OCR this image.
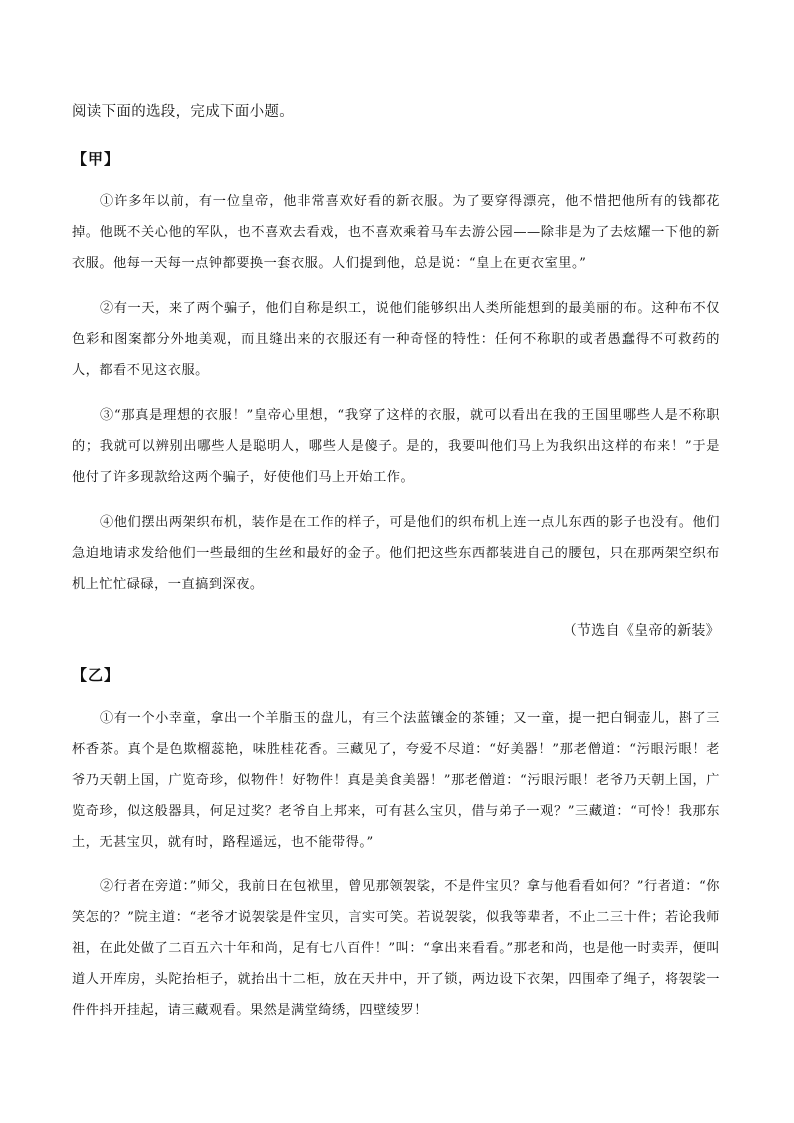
阅读下面的选段，完成下面小题。
【甲】

①许多年以前，有一位皇帝，他非常喜欢好看的新衣服。为了要穿得漂亮，他不惜把他所有的钱都花掉。他既不关心他的军队，也不喜欢去看戏，也不喜欢乘着马车去游公园——除非是为了去炫耀一下他的新衣服。他每一天每一点钟都要换一套衣服。人们提到他，总是说：“皇上在更衣室里。”

②有一天，来了两个骗子，他们自称是织工，说他们能够织出人类所能想到的最美丽的布。这种布不仅色彩和图案都分外地美观，而且缝出来的衣服还有一种奇怪的特性：任何不称职的或者愚蠢得不可救药的人，都看不见这衣服。

③“那真是理想的衣服！”皇帝心里想，“我穿了这样的衣服，就可以看出在我的王国里哪些人是不称职的；我就可以辨别出哪些人是聪明人，哪些人是傻子。是的，我要叫他们马上为我织出这样的布来！”于是他付了许多现款给这两个骗子，好使他们马上开始工作。

④他们摆出两架织布机，装作是在工作的样子，可是他们的织布机上连一点儿东西的影子也没有。他们急迫地请求发给他们一些最细的生丝和最好的金子。他们把这些东西都装进自己的腰包，只在那两架空织布机上忙忙碌碌，一直搞到深夜。

（节选自《皇帝的新装》
【乙】

①有一个小幸童，拿出一个羊脂玉的盘儿，有三个法蓝镶金的茶锺；又一童，提一把白铜壶儿，斟了三杯香茶。真个是色欺榴蕊艳，味胜桂花香。三藏见了，夸爱不尽道：“好美器！”那老僧道：“污眼污眼！老爷乃天朝上国，广览奇珍，似物件！好物件！真是美食美器！”那老僧道：“污眼污眼！老爷乃天朝上国，广览奇珍，似这般器具，何足过奖？老爷自上邦来，可有甚么宝贝，借与弟子一观？”三藏道：“可怜！我那东土，无甚宝贝，就有时，路程遥远，也不能带得。”

②行者在旁道：”师父，我前日在包袱里，曾见那领袈裟，不是件宝贝？拿与他看看如何？”行者道：“你笑怎的？”院主道：“老爷才说袈裟是件宝贝，言实可笑。若说袈裟，似我等辈者，不止二三十件；若论我师祖，在此处做了二百五六十年和尚，足有七八百件！”叫：“拿出来看看。”那老和尚，也是他一时卖弄，便叫道人开库房，头陀抬柜子，就抬出十二柜，放在天井中，开了锁，两边设下衣架，四围牵了绳子，将袈裟一件件抖开挂起，请三藏观看。果然是满堂绮绣，四壁绫罗！
